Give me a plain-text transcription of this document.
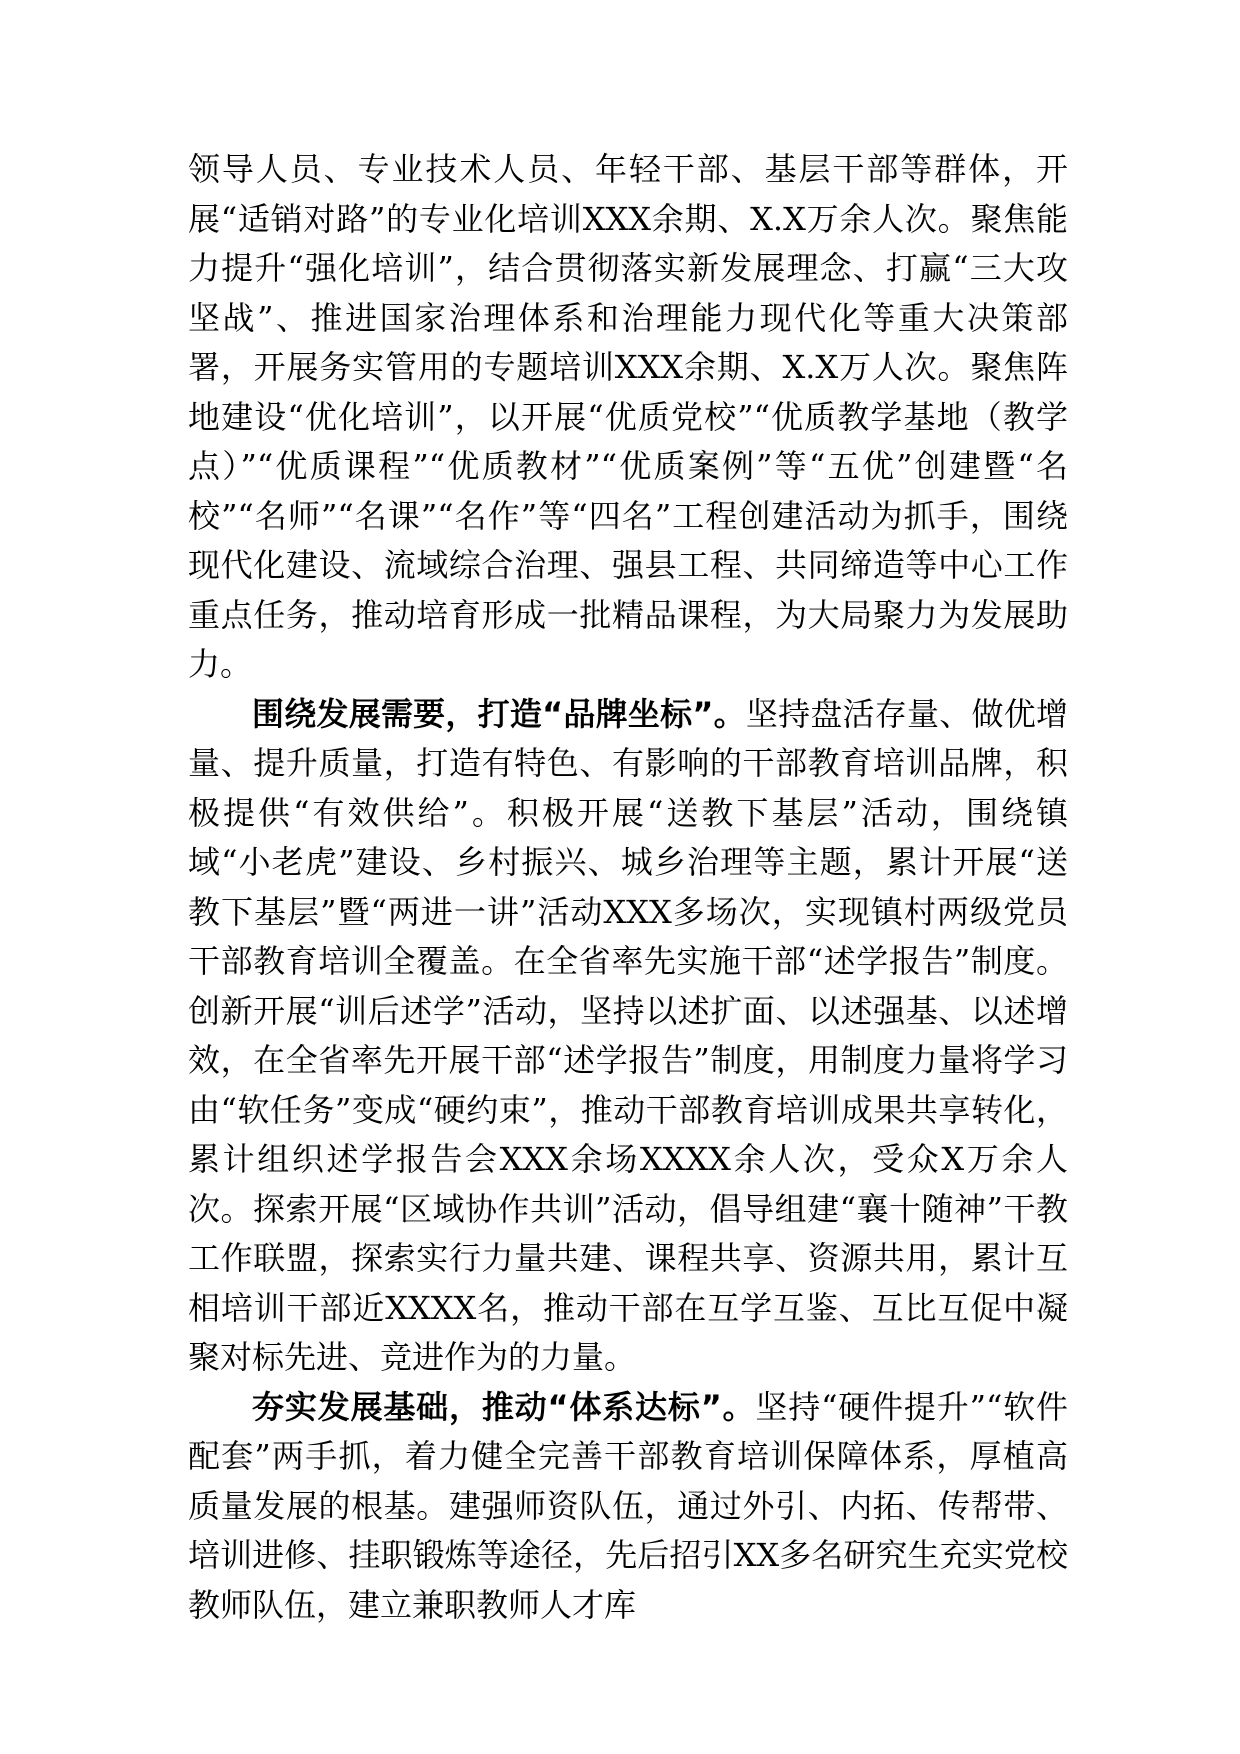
领导人员、专业技术人员、年轻干部、基层干部等群体，开展“适销对路”的专业化培训XXX余期、X.X万余人次。聚焦能力提升“强化培训”，结合贯彻落实新发展理念、打赢“三大攻坚战”、推进国家治理体系和治理能力现代化等重大决策部署，开展务实管用的专题培训XXX余期、X.X万人次。聚焦阵地建设“优化培训”，以开展“优质党校”“优质教学基地（教学点）”“优质课程”“优质教材”“优质案例”等“五优”创建暨“名校”“名师”“名课”“名作”等“四名”工程创建活动为抓手，围绕现代化建设、流域综合治理、强县工程、共同缔造等中心工作重点任务，推动培育形成一批精品课程，为大局聚力为发展助力。

围绕发展需要，打造“品牌坐标”。坚持盘活存量、做优增量、提升质量，打造有特色、有影响的干部教育培训品牌，积极提供“有效供给”。积极开展“送教下基层”活动，围绕镇域“小老虎”建设、乡村振兴、城乡治理等主题，累计开展“送教下基层”暨“两进一讲”活动XXX多场次，实现镇村两级党员干部教育培训全覆盖。在全省率先实施干部“述学报告”制度。创新开展“训后述学”活动，坚持以述扩面、以述强基、以述增效，在全省率先开展干部“述学报告”制度，用制度力量将学习由“软任务”变成“硬约束”，推动干部教育培训成果共享转化，累计组织述学报告会XXX余场XXXX余人次，受众X万余人次。探索开展“区域协作共训”活动，倡导组建“襄十随神”干教工作联盟，探索实行力量共建、课程共享、资源共用，累计互相培训干部近XXXX名，推动干部在互学互鉴、互比互促中凝聚对标先进、竞进作为的力量。

夯实发展基础，推动“体系达标”。坚持“硬件提升”“软件配套”两手抓，着力健全完善干部教育培训保障体系，厚植高质量发展的根基。建强师资队伍，通过外引、内拓、传帮带、培训进修、挂职锻炼等途径，先后招引XX多名研究生充实党校教师队伍，建立兼职教师人才库
